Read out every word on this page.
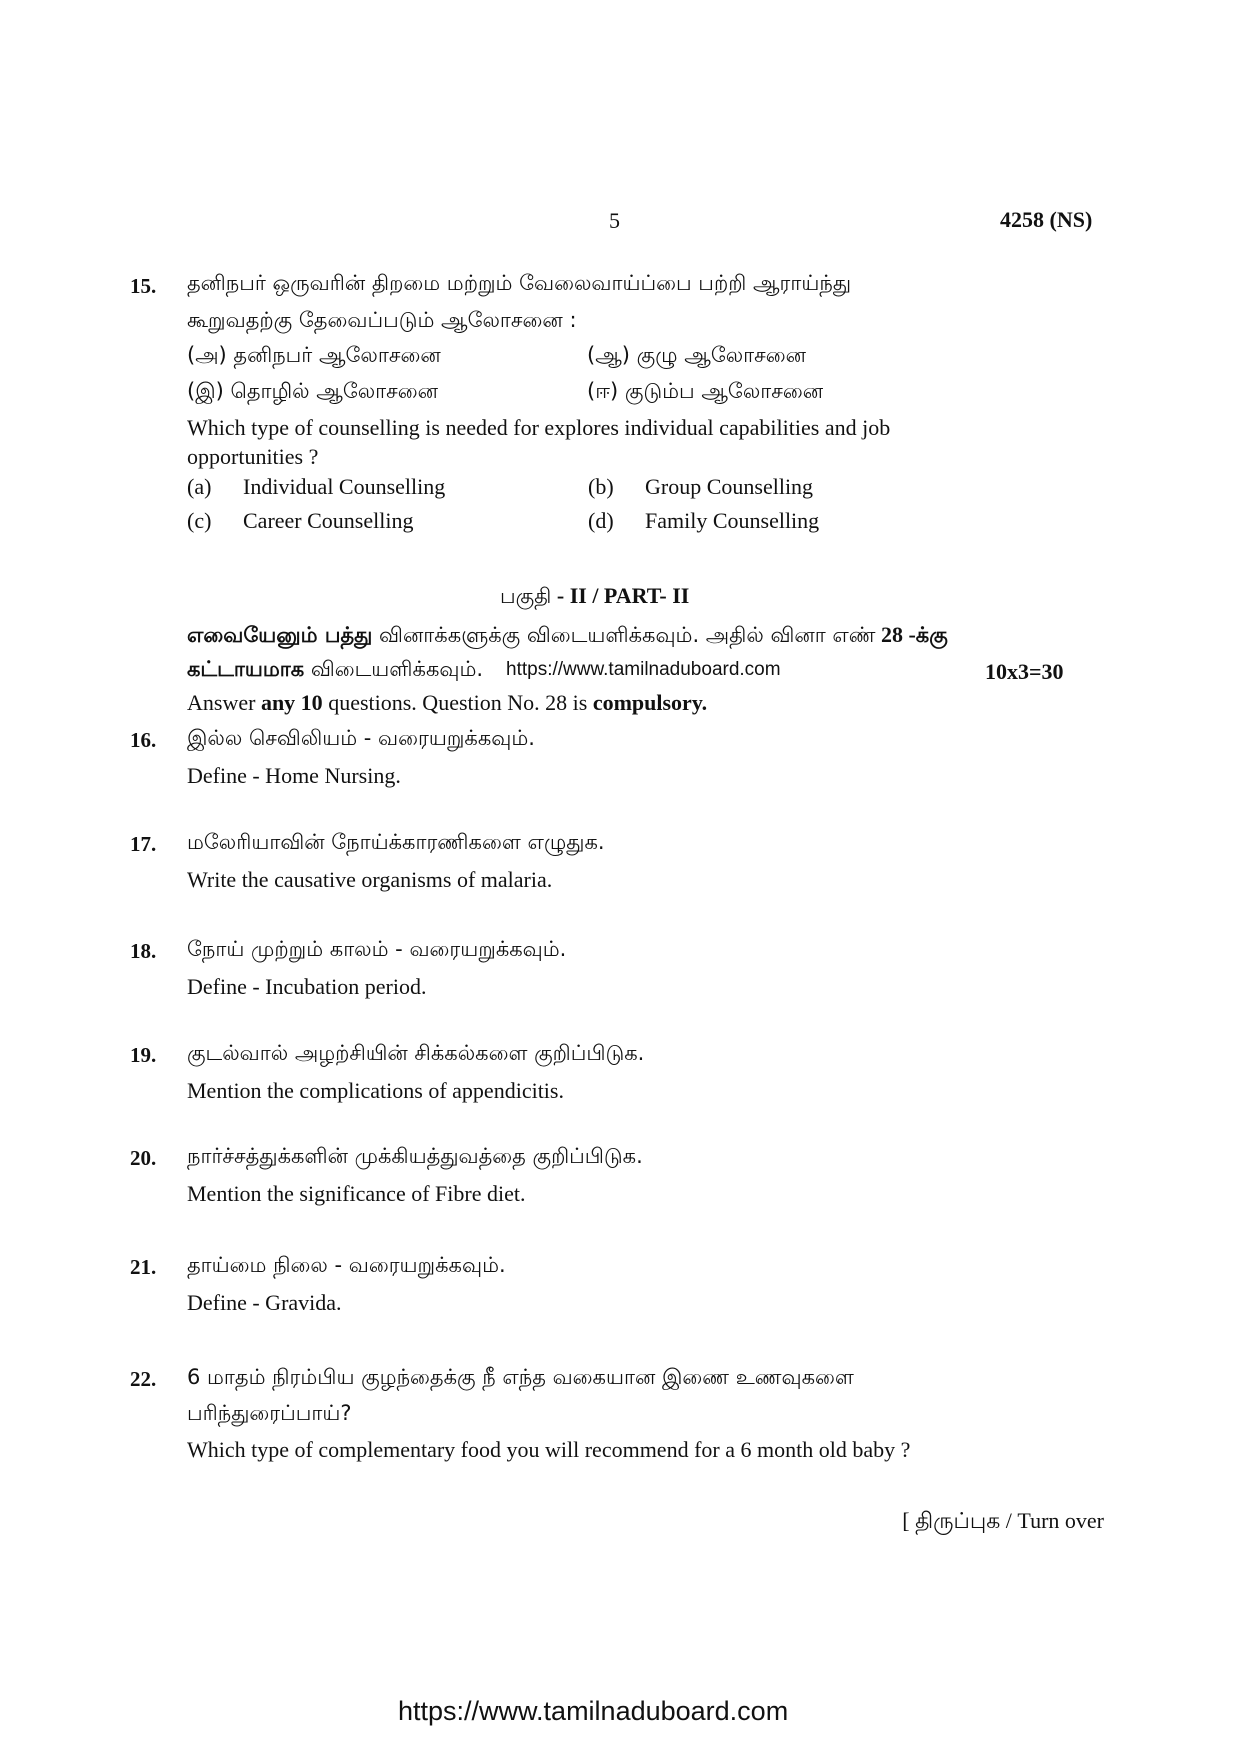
5	4258 (NS)
15. தனிநபர் ஒருவரின் திறமை மற்றும் வேலைவாய்ப்பை பற்றி ஆராய்ந்து
கூறுவதற்கு தேவைப்படும் ஆலோசனை :
(அ) தனிநபர் ஆலோசனை	(ஆ) குழு ஆலோசனை
(இ) தொழில் ஆலோசனை	(ஈ) குடும்ப ஆலோசனை
Which type of counselling is needed for explores individual capabilities and job
opportunities ?
(a) Individual Counselling	(b) Group Counselling
(c) Career Counselling	(d) Family Counselling
பகுதி - II / PART- II
எவையேனும் பத்து வினாக்களுக்கு விடையளிக்கவும். அதில் வினா எண் 28 -க்கு
கட்டாயமாக விடையளிக்கவும். https://www.tamilnaduboard.com	10x3=30
Answer any 10 questions. Question No. 28 is compulsory.
16. இல்ல செவிலியம் - வரையறுக்கவும்.
Define - Home Nursing.
17. மலேரியாவின் நோய்க்காரணிகளை எழுதுக.
Write the causative organisms of malaria.
18. நோய் முற்றும் காலம் - வரையறுக்கவும்.
Define - Incubation period.
19. குடல்வால் அழற்சியின் சிக்கல்களை குறிப்பிடுக.
Mention the complications of appendicitis.
20. நார்ச்சத்துக்களின் முக்கியத்துவத்தை குறிப்பிடுக.
Mention the significance of Fibre diet.
21. தாய்மை நிலை - வரையறுக்கவும்.
Define - Gravida.
22. 6 மாதம் நிரம்பிய குழந்தைக்கு நீ எந்த வகையான இணை உணவுகளை
பரிந்துரைப்பாய்?
Which type of complementary food you will recommend for a 6 month old baby ?
[ திருப்புக / Turn over
https://www.tamilnaduboard.com
